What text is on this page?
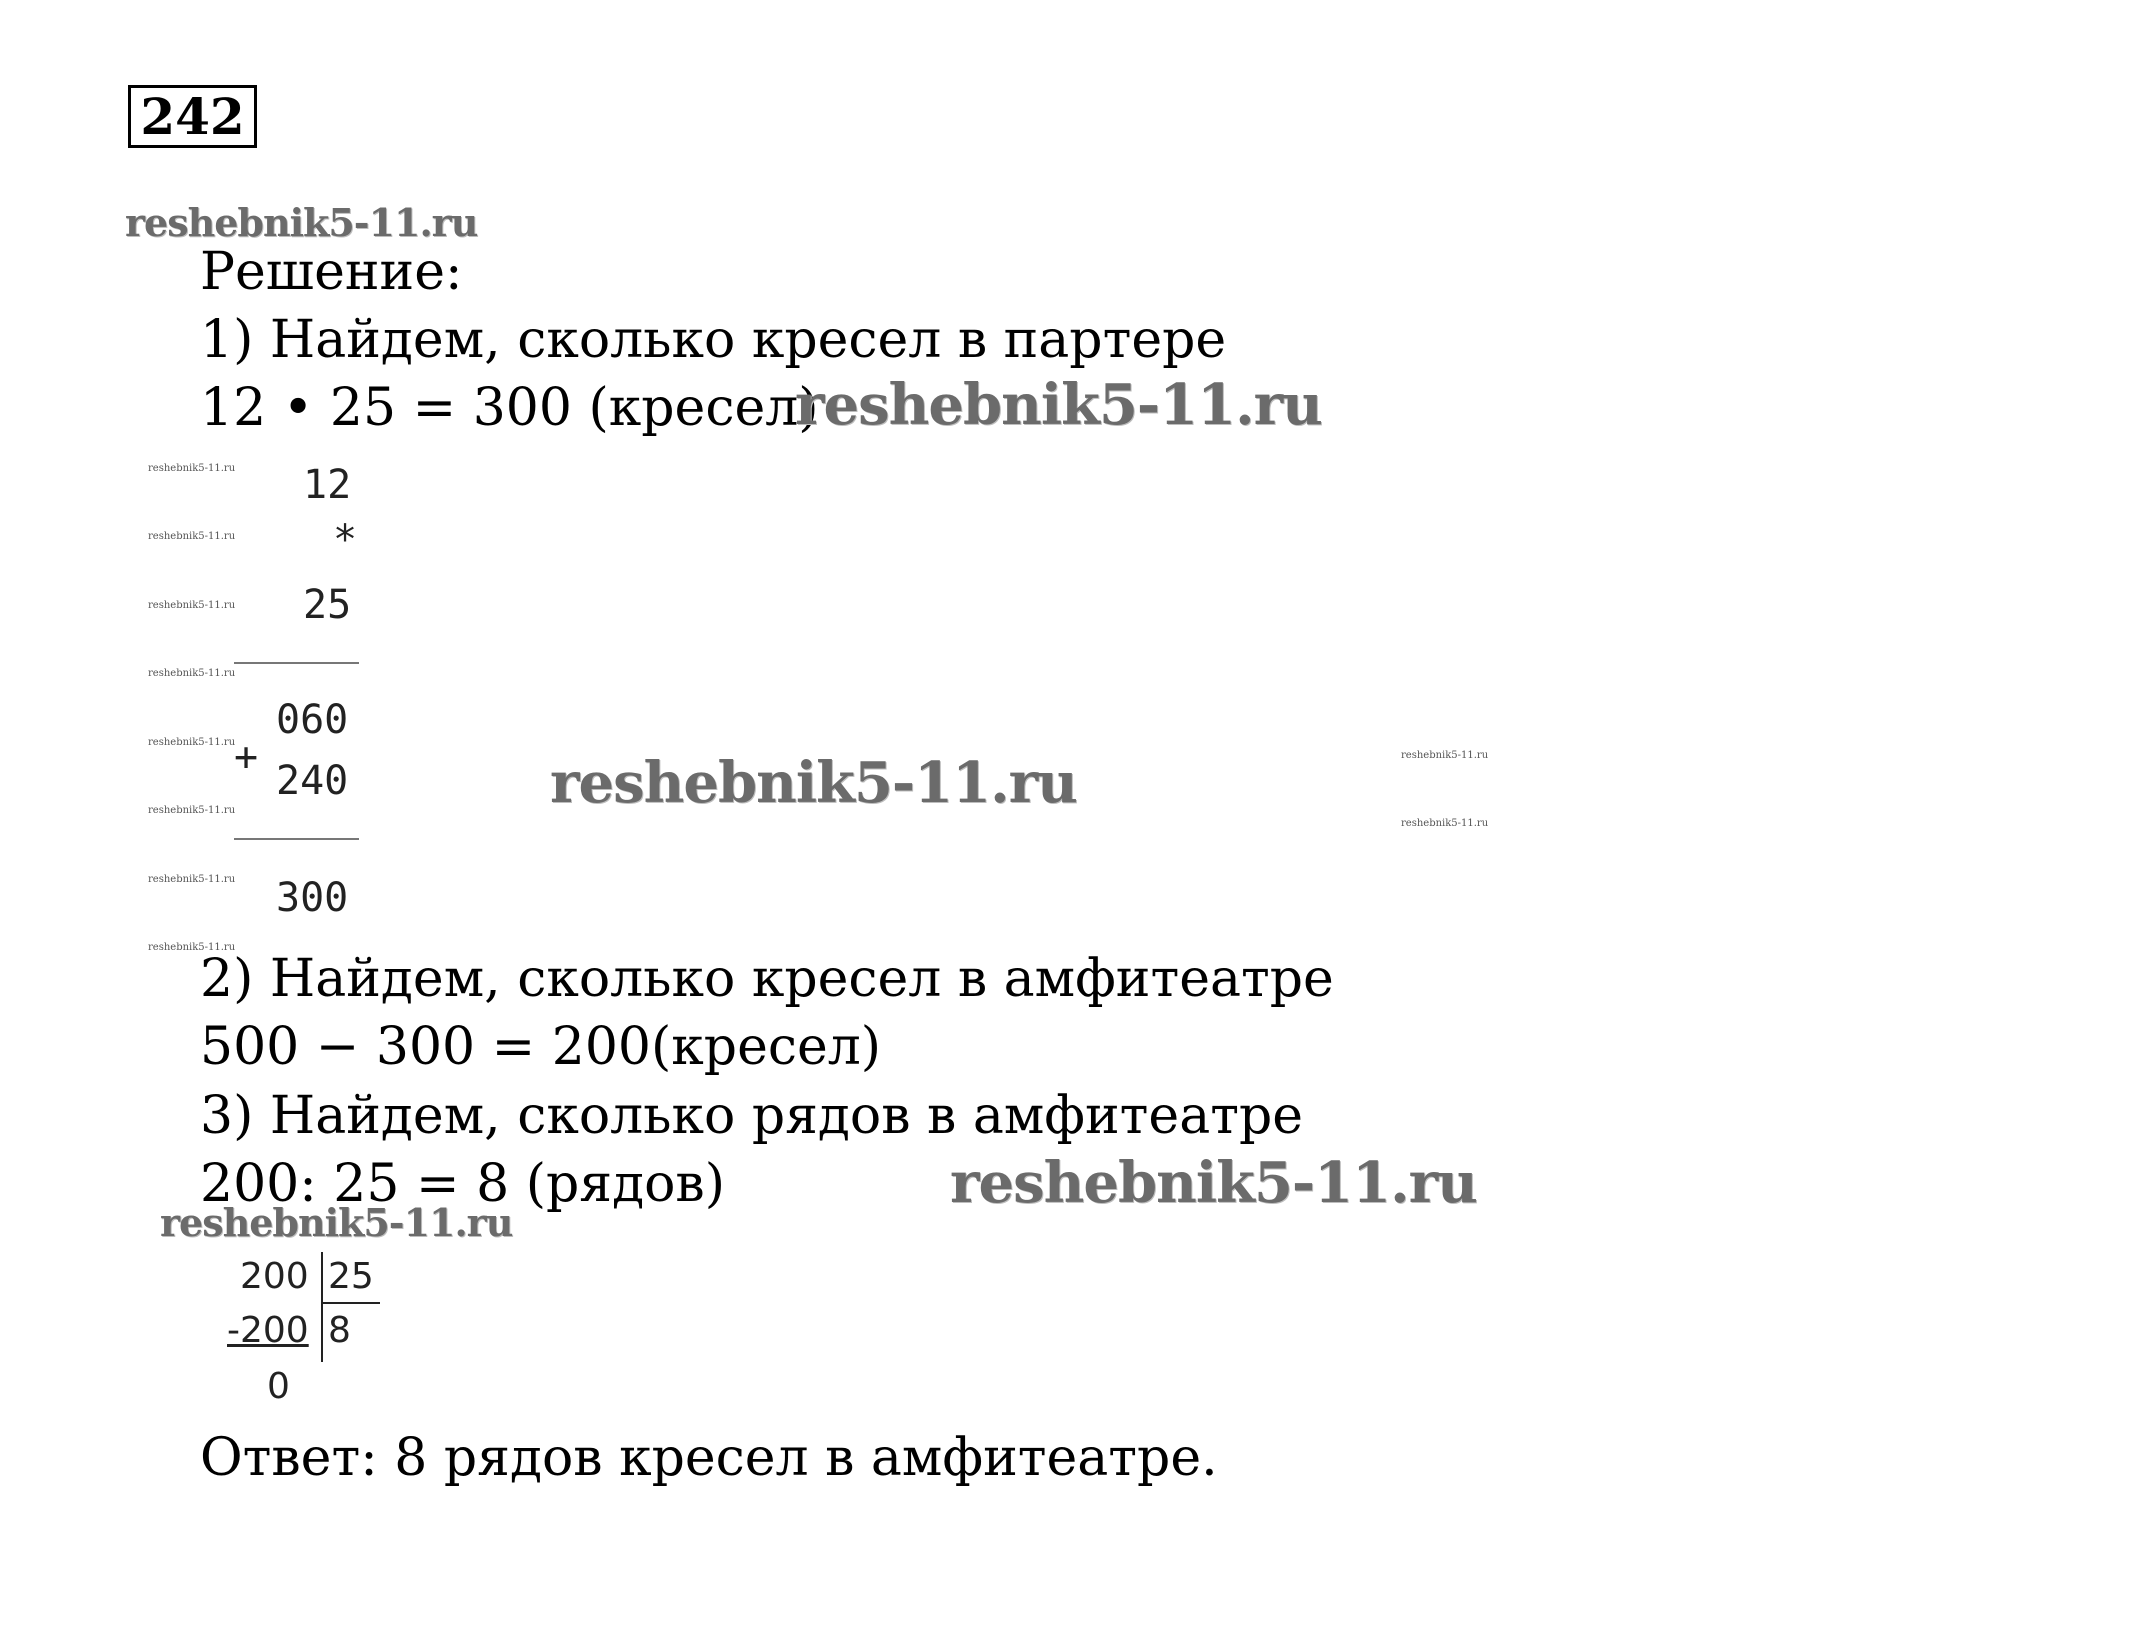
242
reshebnik5-11.ru
Решение:
1) Найдем, сколько кресел в партере
12 • 25 = 300 (кресел)
reshebnik5-11.ru
reshebnik5-11.ru
reshebnik5-11.ru
reshebnik5-11.ru
reshebnik5-11.ru
reshebnik5-11.ru
reshebnik5-11.ru
reshebnik5-11.ru
reshebnik5-11.ru
12
*
25
060
+
240
300
reshebnik5-11.ru	reshebnik5-11.ru
reshebnik5-11.ru
2) Найдем, сколько кресел в амфитеатре
500 − 300 = 200(кресел)
3) Найдем, сколько рядов в амфитеатре
200: 25 = 8 (рядов)	reshebnik5-11.ru
reshebnik5-11.ru
200 25
-200 8
0
Ответ: 8 рядов кресел в амфитеатре.
